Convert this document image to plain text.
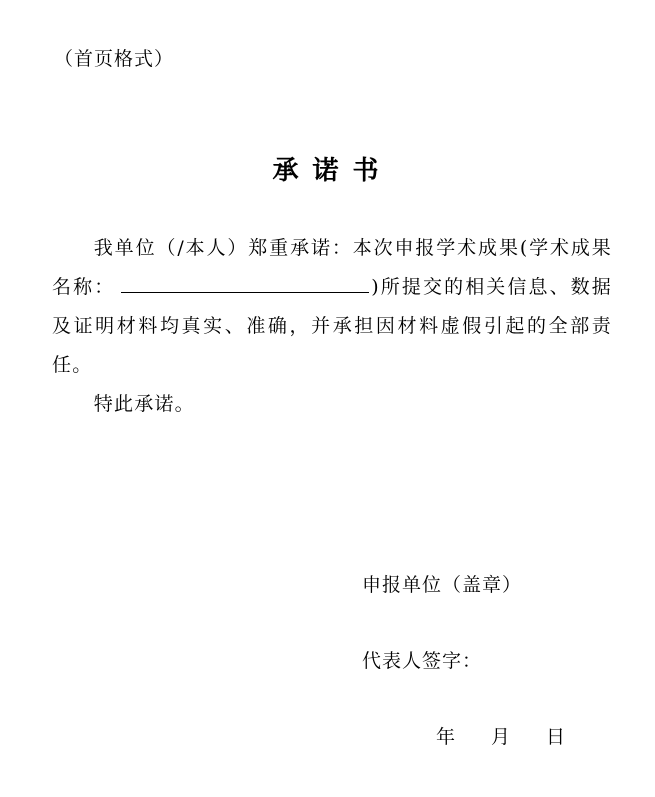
（首页格式）
承诺书

我单位（/本人）郑重承诺：本次申报学术成果(学术成果名称：	)所提交的相关信息、数据及证明材料均真实、准确，并承担因材料虚假引起的全部责任。

特此承诺。

申报单位（盖章）
代表人签字：
年 月 日
